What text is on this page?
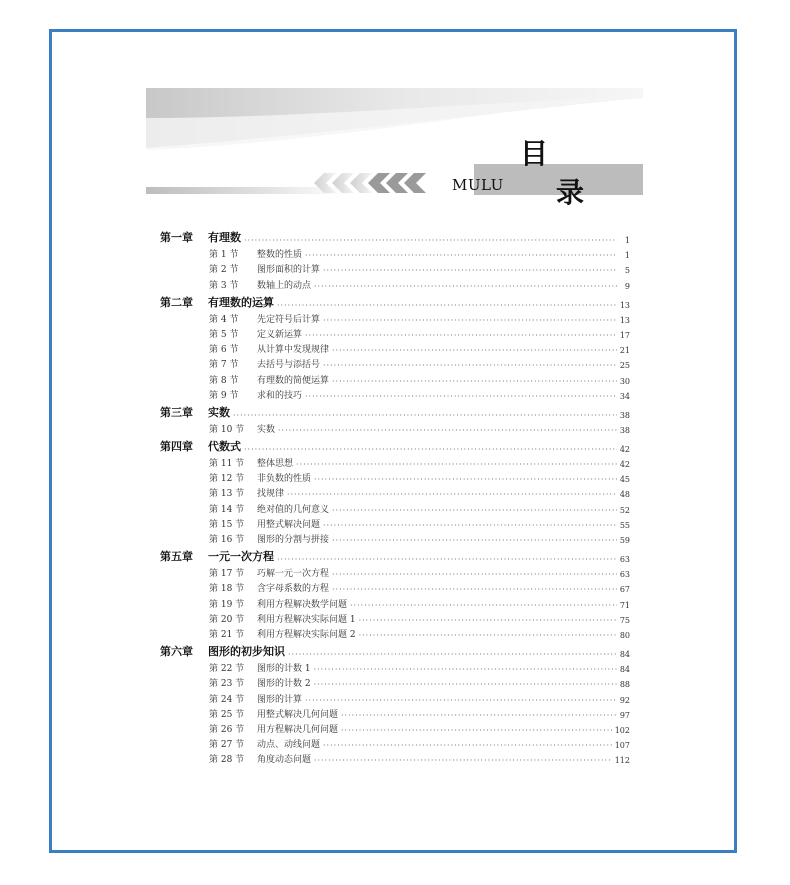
目
MULU 录
第一章	有理数 ·····	1
第 1 节	整数的性质 ·····	1
第 2 节	图形面积的计算 ·····	5
第 3 节	数轴上的动点 ·····	9
第二章	有理数的运算 ·····	13
第 4 节	先定符号后计算 ·····	13
第 5 节	定义新运算 ·····	17
第 6 节	从计算中发现规律 ·····	21
第 7 节	去括号与添括号 ·····	25
第 8 节	有理数的简便运算 ·····	30
第 9 节	求和的技巧 ·····	34
第三章	实数 ·····	38
第 10 节	实数 ·····	38
第四章	代数式 ·····	42
第 11 节	整体思想 ·····	42
第 12 节	非负数的性质 ·····	45
第 13 节	找规律 ·····	48
第 14 节	绝对值的几何意义 ·····	52
第 15 节	用整式解决问题 ·····	55
第 16 节	图形的分割与拼接 ·····	59
第五章	一元一次方程 ·····	63
第 17 节	巧解一元一次方程 ·····	63
第 18 节	含字母系数的方程 ·····	67
第 19 节	利用方程解决数学问题 ·····	71
第 20 节	利用方程解决实际问题 1 ·····	75
第 21 节	利用方程解决实际问题 2 ·····	80
第六章	图形的初步知识 ·····	84
第 22 节	图形的计数 1 ·····	84
第 23 节	图形的计数 2 ·····	88
第 24 节	图形的计算 ·····	92
第 25 节	用整式解决几何问题 ·····	97
第 26 节	用方程解决几何问题 ·····	102
第 27 节	动点、动线问题 ·····	107
第 28 节	角度动态问题 ·····	112
